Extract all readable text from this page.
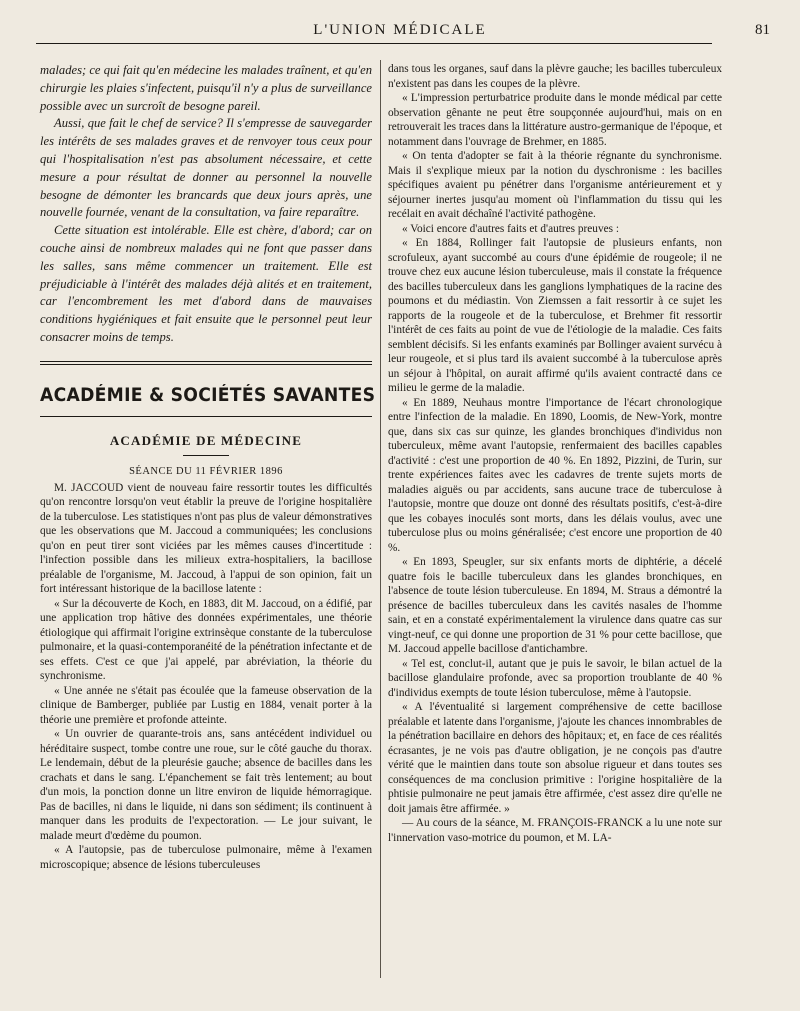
L'UNION MÉDICALE	81

malades; ce qui fait qu'en médecine les malades traînent, et qu'en chirurgie les plaies s'infectent, puisqu'il n'y a plus de surveillance possible avec un surcroît de besogne pareil.

Aussi, que fait le chef de service? Il s'empresse de sauvegarder les intérêts de ses malades graves et de renvoyer tous ceux pour qui l'hospitalisation n'est pas absolument nécessaire, et cette mesure a pour résultat de donner au personnel la nouvelle besogne de démonter les brancards que deux jours après, une nouvelle fournée, venant de la consultation, va faire reparaître.

Cette situation est intolérable. Elle est chère, d'abord; car on couche ainsi de nombreux malades qui ne font que passer dans les salles, sans même commencer un traitement. Elle est préjudiciable à l'intérêt des malades déjà alités et en traitement, car l'encombrement les met d'abord dans de mauvaises conditions hygiéniques et fait ensuite que le personnel peut leur consacrer moins de temps.

ACADÉMIE & SOCIÉTÉS SAVANTES
ACADÉMIE DE MÉDECINE
SÉANCE DU 11 FÉVRIER 1896

M. JACCOUD vient de nouveau faire ressortir toutes les difficultés qu'on rencontre lorsqu'on veut établir la preuve de l'origine hospitalière de la tuberculose. Les statistiques n'ont pas plus de valeur démonstratives que les observations que M. Jaccoud a communiquées; les conclusions qu'on en peut tirer sont viciées par les mêmes causes d'incertitude : l'infection possible dans les milieux extra-hospitaliers, la bacillose préalable de l'organisme, M. Jaccoud, à l'appui de son opinion, fait un fort intéressant historique de la bacillose latente :

« Sur la découverte de Koch, en 1883, dit M. Jaccoud, on a édifié, par une application trop hâtive des données expérimentales, une théorie étiologique qui affirmait l'origine extrinsèque constante de la tuberculose pulmonaire, et la quasi-contemporanéité de la pénétration infectante et de ses effets. C'est ce que j'ai appelé, par abréviation, la théorie du synchronisme.

« Une année ne s'était pas écoulée que la fameuse observation de la clinique de Bamberger, publiée par Lustig en 1884, venait porter à la théorie une première et profonde atteinte.

« Un ouvrier de quarante-trois ans, sans antécédent individuel ou héréditaire suspect, tombe contre une roue, sur le côté gauche du thorax. Le lendemain, début de la pleurésie gauche; absence de bacilles dans les crachats et dans le sang. L'épanchement se fait très lentement; au bout d'un mois, la ponction donne un litre environ de liquide hémorragique. Pas de bacilles, ni dans le liquide, ni dans son sédiment; ils continuent à manquer dans les produits de l'expectoration. — Le jour suivant, le malade meurt d'œdème du poumon.

« A l'autopsie, pas de tuberculose pulmonaire, même à l'examen microscopique; absence de lésions tuberculeuses

dans tous les organes, sauf dans la plèvre gauche; les bacilles tuberculeux n'existent pas dans les coupes de la plèvre.

« L'impression perturbatrice produite dans le monde médical par cette observation gênante ne peut être soupçonnée aujourd'hui, mais on en retrouverait les traces dans la littérature austro-germanique de l'époque, et notamment dans l'ouvrage de Brehmer, en 1885.

« On tenta d'adopter se fait à la théorie régnante du synchronisme. Mais il s'explique mieux par la notion du dyschronisme : les bacilles spécifiques avaient pu pénétrer dans l'organisme antérieurement et y séjourner inertes jusqu'au moment où l'inflammation du tissu qui les recélait en avait déchaîné l'activité pathogène.

« Voici encore d'autres faits et d'autres preuves :

« En 1884, Rollinger fait l'autopsie de plusieurs enfants, non scrofuleux, ayant succombé au cours d'une épidémie de rougeole; il ne trouve chez eux aucune lésion tuberculeuse, mais il constate la fréquence des bacilles tuberculeux dans les ganglions lymphatiques de la racine des poumons et du médiastin. Von Ziemssen a fait ressortir à ce sujet les rapports de la rougeole et de la tuberculose, et Brehmer fit ressortir l'intérêt de ces faits au point de vue de l'étiologie de la maladie. Ces faits semblent décisifs. Si les enfants examinés par Bollinger avaient survécu à leur rougeole, et si plus tard ils avaient succombé à la tuberculose après un séjour à l'hôpital, on aurait affirmé qu'ils avaient contracté dans ce milieu le germe de la maladie.

« En 1889, Neuhaus montre l'importance de l'écart chronologique entre l'infection de la maladie. En 1890, Loomis, de New-York, montre que, dans six cas sur quinze, les glandes bronchiques d'individus non tuberculeux, même avant l'autopsie, renfermaient des bacilles capables d'activité : c'est une proportion de 40 %. En 1892, Pizzini, de Turin, sur trente expériences faites avec les cadavres de trente sujets morts de maladies aiguës ou par accidents, sans aucune trace de tuberculose à l'autopsie, montre que douze ont donné des résultats positifs, c'est-à-dire que les cobayes inoculés sont morts, dans les délais voulus, avec une tuberculose plus ou moins généralisée; c'est encore une proportion de 40 %.

« En 1893, Speugler, sur six enfants morts de diphtérie, a décelé quatre fois le bacille tuberculeux dans les glandes bronchiques, en l'absence de toute lésion tuberculeuse. En 1894, M. Straus a démontré la présence de bacilles tuberculeux dans les cavités nasales de l'homme sain, et en a constaté expérimentalement la virulence dans quatre cas sur vingt-neuf, ce qui donne une proportion de 31 % pour cette bacillose, que M. Jaccoud appelle bacillose d'antichambre.

« Tel est, conclut-il, autant que je puis le savoir, le bilan actuel de la bacillose glandulaire profonde, avec sa proportion troublante de 40 % d'individus exempts de toute lésion tuberculose, même à l'autopsie.

« A l'éventualité si largement compréhensive de cette bacillose préalable et latente dans l'organisme, j'ajoute les chances innombrables de la pénétration bacillaire en dehors des hôpitaux; et, en face de ces réalités écrasantes, je ne vois pas d'autre obligation, je ne conçois pas d'autre vérité que le maintien dans toute son absolue rigueur et dans toutes ses conséquences de ma conclusion primitive : l'origine hospitalière de la phtisie pulmonaire ne peut jamais être affirmée, c'est assez dire qu'elle ne doit jamais être affirmée. »

— Au cours de la séance, M. FRANÇOIS-FRANCK a lu une note sur l'innervation vaso-motrice du poumon, et M. LA-
